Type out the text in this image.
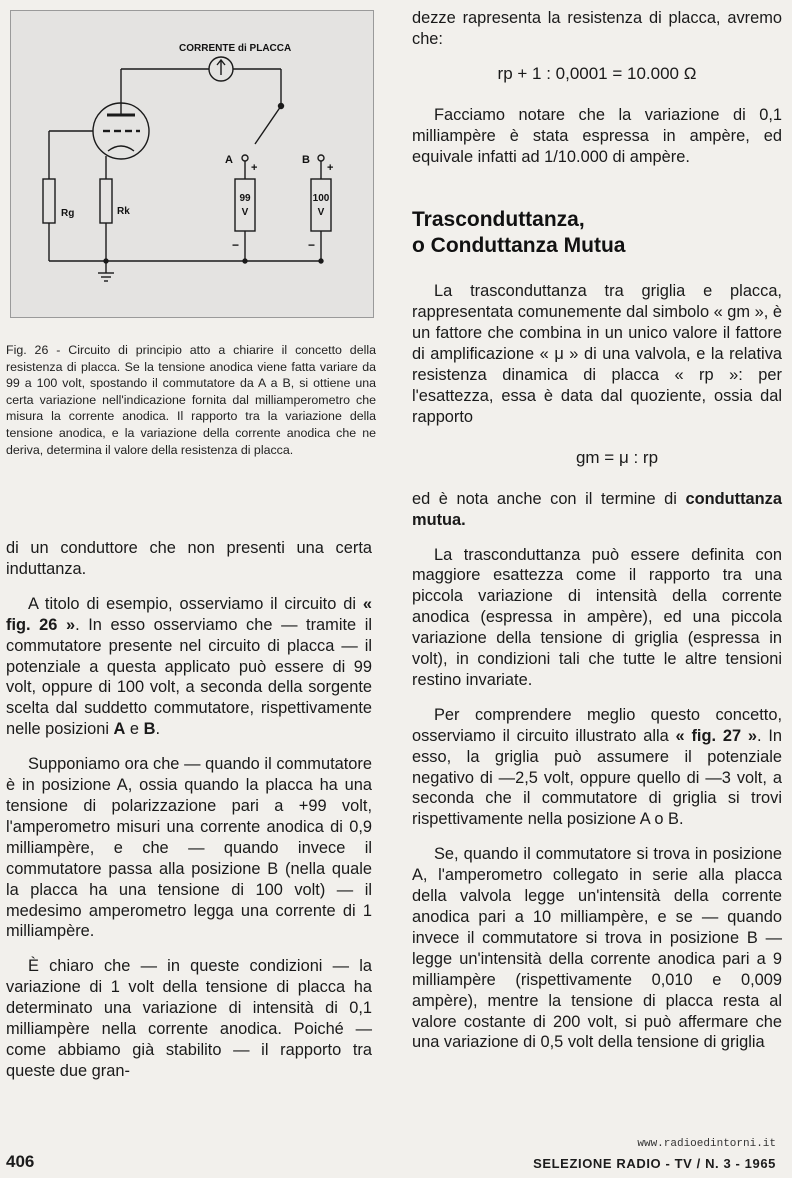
CORRENTE di PLACCA
A	B
+	+
−	−
99
V
100
V
Rg	Rk

Fig. 26 - Circuito di principio atto a chiarire il concetto della resistenza di placca. Se la tensione anodica viene fatta variare da 99 a 100 volt, spostando il commutatore da A a B, si ottiene una certa variazione nell'indicazione fornita dal milliamperometro che misura la corrente anodica. Il rapporto tra la variazione della tensione anodica, e la variazione della corrente anodica che ne deriva, determina il valore della resistenza di placca.

di un conduttore che non presenti una certa induttanza.

A titolo di esempio, osserviamo il circuito di « fig. 26 ». In esso osserviamo che — tramite il commutatore presente nel circuito di placca — il potenziale a questa applicato può essere di 99 volt, oppure di 100 volt, a seconda della sorgente scelta dal suddetto commutatore, rispettivamente nelle posizioni A e B.

Supponiamo ora che — quando il commutatore è in posizione A, ossia quando la placca ha una tensione di polarizzazione pari a +99 volt, l'amperometro misuri una corrente anodica di 0,9 milliampère, e che — quando invece il commutatore passa alla posizione B (nella quale la placca ha una tensione di 100 volt) — il medesimo amperometro legga una corrente di 1 milliampère.

È chiaro che — in queste condizioni — la variazione di 1 volt della tensione di placca ha determinato una variazione di intensità di 0,1 milliampère nella corrente anodica. Poiché — come abbiamo già stabilito — il rapporto tra queste due gran-

dezze rapresenta la resistenza di placca, avremo che:

rp + 1 : 0,0001 = 10.000 Ω

Facciamo notare che la variazione di 0,1 milliampère è stata espressa in ampère, ed equivale infatti ad 1/10.000 di ampère.

Trasconduttanza,
o Conduttanza Mutua

La trasconduttanza tra griglia e placca, rappresentata comunemente dal simbolo « gm », è un fattore che combina in un unico valore il fattore di amplificazione « μ » di una valvola, e la relativa resistenza dinamica di placca « rp »: per l'esattezza, essa è data dal quoziente, ossia dal rapporto

gm = μ : rp

ed è nota anche con il termine di conduttanza mutua.

La trasconduttanza può essere definita con maggiore esattezza come il rapporto tra una piccola variazione di intensità della corrente anodica (espressa in ampère), ed una piccola variazione della tensione di griglia (espressa in volt), in condizioni tali che tutte le altre tensioni restino invariate.

Per comprendere meglio questo concetto, osserviamo il circuito illustrato alla « fig. 27 ». In esso, la griglia può assumere il potenziale negativo di —2,5 volt, oppure quello di —3 volt, a seconda che il commutatore di griglia si trovi rispettivamente nella posizione A o B.

Se, quando il commutatore si trova in posizione A, l'amperometro collegato in serie alla placca della valvola legge un'intensità della corrente anodica pari a 10 milliampère, e se — quando invece il commutatore si trova in posizione B — legge un'intensità della corrente anodica pari a 9 milliampère (rispettivamente 0,010 e 0,009 ampère), mentre la tensione di placca resta al valore costante di 200 volt, si può affermare che una variazione di 0,5 volt della tensione di griglia

www.radioedintorni.it
406	SELEZIONE RADIO - TV / N. 3 - 1965
